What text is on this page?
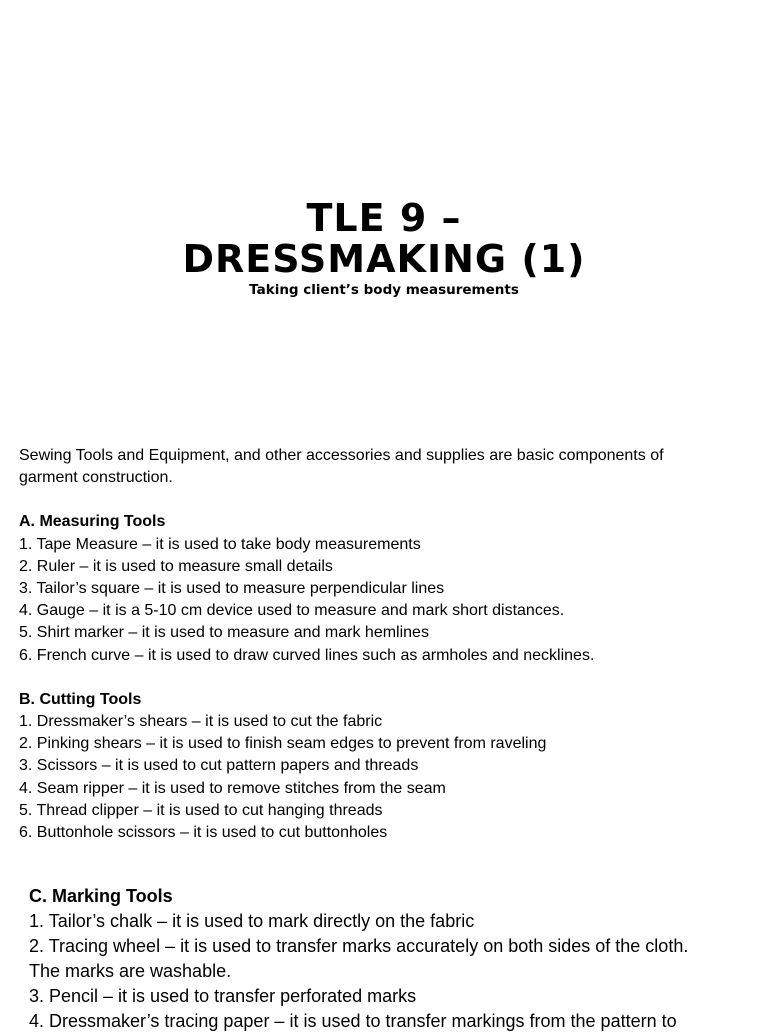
TLE 9 –
DRESSMAKING (1)
Taking client’s body measurements

Sewing Tools and Equipment, and other accessories and supplies are basic components of

garment construction.

A. Measuring Tools

1. Tape Measure – it is used to take body measurements

2. Ruler – it is used to measure small details

3. Tailor’s square – it is used to measure perpendicular lines

4. Gauge – it is a 5-10 cm device used to measure and mark short distances.

5. Shirt marker – it is used to measure and mark hemlines

6. French curve – it is used to draw curved lines such as armholes and necklines.

B. Cutting Tools

1. Dressmaker’s shears – it is used to cut the fabric

2. Pinking shears – it is used to finish seam edges to prevent from raveling

3. Scissors – it is used to cut pattern papers and threads

4. Seam ripper – it is used to remove stitches from the seam

5. Thread clipper – it is used to cut hanging threads

6. Buttonhole scissors – it is used to cut buttonholes

C. Marking Tools

1. Tailor’s chalk – it is used to mark directly on the fabric

2. Tracing wheel – it is used to transfer marks accurately on both sides of the cloth.

The marks are washable.

3. Pencil – it is used to transfer perforated marks

4. Dressmaker’s tracing paper – it is used to transfer markings from the pattern to
